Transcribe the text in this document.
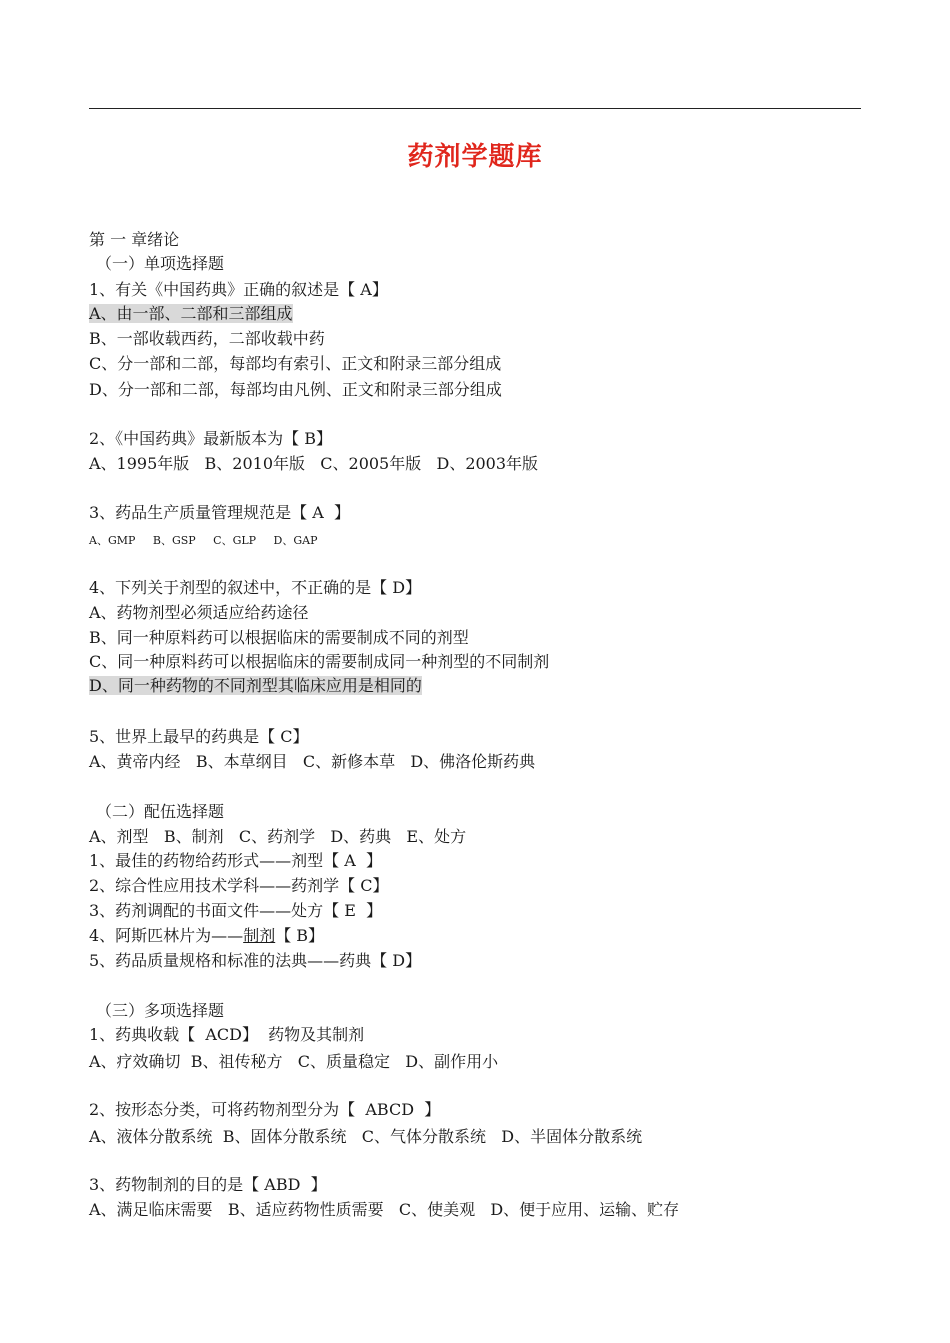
药剂学题库
第 一 章绪论
（一）单项选择题
1、有关《中国药典》正确的叙述是【 A】
A、由一部、二部和三部组成
B、一部收载西药，二部收载中药
C、分一部和二部，每部均有索引、正文和附录三部分组成
D、分一部和二部，每部均由凡例、正文和附录三部分组成
2、《中国药典》最新版本为【 B】
A、1995年版   B、2010年版   C、2005年版   D、2003年版
3、药品生产质量管理规范是【 A  】
A、GMP     B、GSP     C、GLP     D、GAP
4、下列关于剂型的叙述中，不正确的是【 D】
A、药物剂型必须适应给药途径
B、同一种原料药可以根据临床的需要制成不同的剂型
C、同一种原料药可以根据临床的需要制成同一种剂型的不同制剂
D、同一种药物的不同剂型其临床应用是相同的
5、世界上最早的药典是【 C】
A、黄帝内经   B、本草纲目   C、新修本草   D、佛洛伦斯药典
（二）配伍选择题
A、剂型   B、制剂   C、药剂学   D、药典   E、处方
1、最佳的药物给药形式——剂型【 A  】
2、综合性应用技术学科——药剂学【 C】
3、药剂调配的书面文件——处方【 E  】
4、阿斯匹林片为——制剂【 B】
5、药品质量规格和标准的法典——药典【 D】
（三）多项选择题
1、药典收载【  ACD】  药物及其制剂
A、疗效确切  B、祖传秘方   C、质量稳定   D、副作用小
2、按形态分类，可将药物剂型分为【  ABCD  】
A、液体分散系统  B、固体分散系统   C、气体分散系统   D、半固体分散系统
3、药物制剂的目的是【 ABD  】
A、满足临床需要   B、适应药物性质需要   C、使美观   D、便于应用、运输、贮存
